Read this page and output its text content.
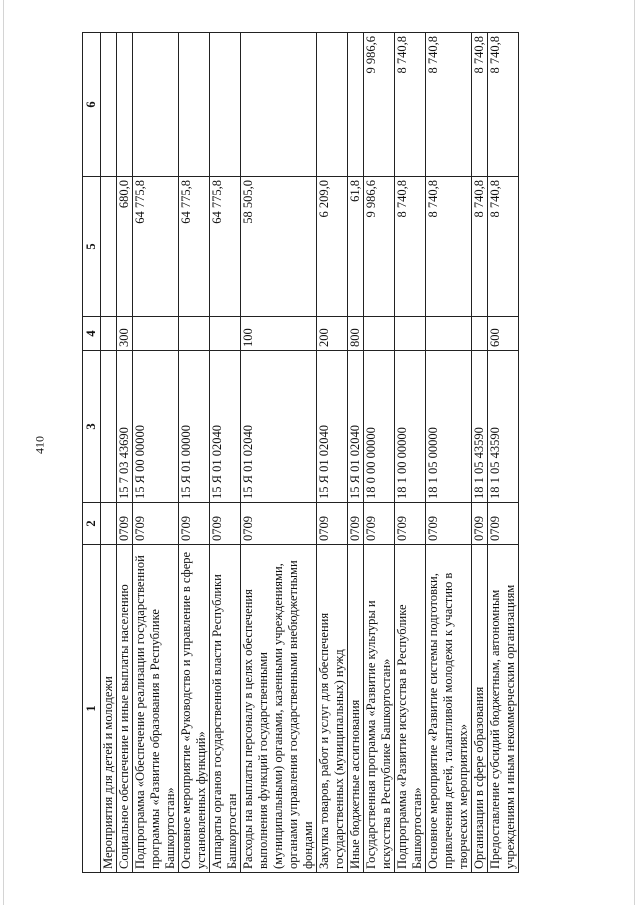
410
1	2	3	4	5	6
Мероприятия для детей и молодежи					
Социальное обеспечение и иные выплаты населению	0709	15 7 03 43690	300	680,0	
Подпрограмма «Обеспечение реализации государственной программы «Развитие образования в Республике Башкортостан»	0709	15 Я 00 00000		64 775,8	
Основное мероприятие «Руководство и управление в сфере установленных функций»	0709	15 Я 01 00000		64 775,8	
Аппараты органов государственной власти Республики Башкортостан	0709	15 Я 01 02040		64 775,8	
Расходы на выплаты персоналу в целях обеспечения выполнения функций государственными (муниципальными) органами, казенными учреждениями, органами управления государственными внебюджетными фондами	0709	15 Я 01 02040	100	58 505,0	
Закупка товаров, работ и услуг для обеспечения государственных (муниципальных) нужд	0709	15 Я 01 02040	200	6 209,0	
Иные бюджетные ассигнования	0709	15 Я 01 02040	800	61,8	
Государственная программа «Развитие культуры и искусства в Республике Башкортостан»	0709	18 0 00 00000		9 986,6	9 986,6
Подпрограмма «Развитие искусства в Республике Башкортостан»	0709	18 1 00 00000		8 740,8	8 740,8
Основное мероприятие «Развитие системы подготовки, привлечения детей, талантливой молодежи к участию в творческих мероприятиях»	0709	18 1 05 00000		8 740,8	8 740,8
Организации в сфере образования	0709	18 1 05 43590		8 740,8	8 740,8
Предоставление субсидий бюджетным, автономным учреждениям и иным некоммерческим организациям	0709	18 1 05 43590	600	8 740,8	8 740,8
